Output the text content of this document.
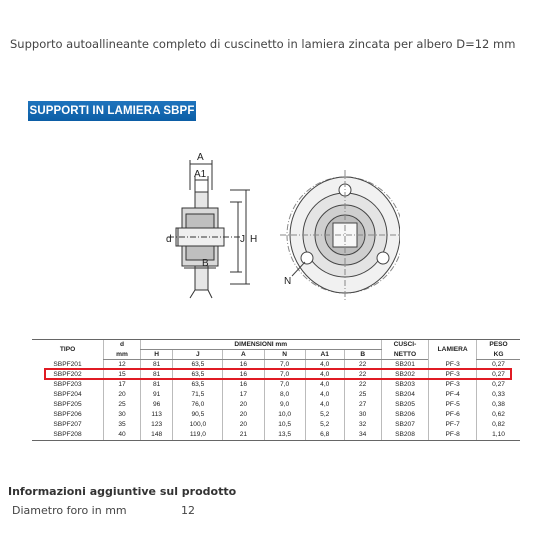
Supporto autoallineante completo di cuscinetto in lamiera zincata per albero D=12 mm
SUPPORTI IN LAMIERA SBPF
A
A1
B
d	J H
N
TIPO	d	DIMENSIONI mm						CUSCI-	LAMIERA	PESO
	mm	H	J	A	N	A1	B	NETTO		KG
SBPF201	12	81	63,5	16	7,0	4,0	22	SB201	PF-3	0,27
SBPF202	15	81	63,5	16	7,0	4,0	22	SB202	PF-3	0,27
SBPF203	17	81	63,5	16	7,0	4,0	22	SB203	PF-3	0,27
SBPF204	20	91	71,5	17	8,0	4,0	25	SB204	PF-4	0,33
SBPF205	25	96	76,0	20	9,0	4,0	27	SB205	PF-5	0,38
SBPF206	30	113	90,5	20	10,0	5,2	30	SB206	PF-6	0,62
SBPF207	35	123	100,0	20	10,5	5,2	32	SB207	PF-7	0,82
SBPF208	40	148	119,0	21	13,5	6,8	34	SB208	PF-8	1,10
Informazioni aggiuntive sul prodotto
Diametro foro in mm	12
